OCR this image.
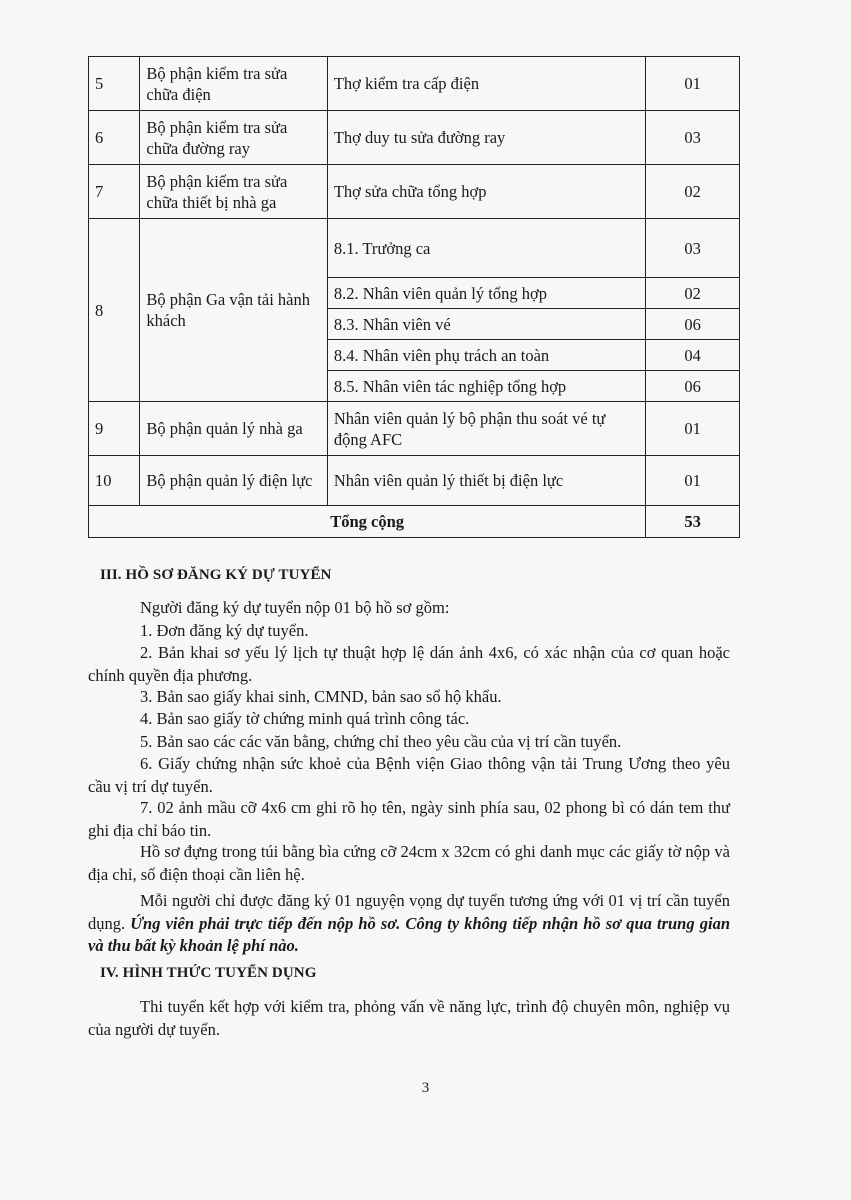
5	Bộ phận kiểm tra sửa chữa điện	Thợ kiểm tra cấp điện	01
6	Bộ phận kiểm tra sửa chữa đường ray	Thợ duy tu sửa đường ray	03
7	Bộ phận kiểm tra sửa chữa thiết bị nhà ga	Thợ sửa chữa tổng hợp	02
8	Bộ phận Ga vận tải hành khách	8.1. Trưởng ca	03
		8.2. Nhân viên quản lý tổng hợp	02
		8.3. Nhân viên vé	06
		8.4. Nhân viên phụ trách an toàn	04
		8.5. Nhân viên tác nghiệp tổng hợp	06
9	Bộ phận quản lý nhà ga	Nhân viên quản lý bộ phận thu soát vé tự động AFC	01
10	Bộ phận quản lý điện lực	Nhân viên quản lý thiết bị điện lực	01
Tổng cộng			53
III. HỒ SƠ ĐĂNG KÝ DỰ TUYỂN
Người đăng ký dự tuyển nộp 01 bộ hồ sơ gồm:
1. Đơn đăng ký dự tuyển.
2. Bản khai sơ yếu lý lịch tự thuật hợp lệ dán ảnh 4x6, có xác nhận của cơ quan hoặc chính quyền địa phương.
3. Bản sao giấy khai sinh, CMND, bản sao sổ hộ khẩu.
4. Bản sao giấy tờ chứng minh quá trình công tác.
5. Bản sao các các văn bằng, chứng chỉ theo yêu cầu của vị trí cần tuyển.
6. Giấy chứng nhận sức khoẻ của Bệnh viện Giao thông vận tải Trung Ương theo yêu cầu vị trí dự tuyển.
7. 02 ảnh mầu cỡ 4x6 cm ghi rõ họ tên, ngày sinh phía sau, 02 phong bì có dán tem thư ghi địa chỉ báo tin.
Hồ sơ đựng trong túi bằng bìa cứng cỡ 24cm x 32cm có ghi danh mục các giấy tờ nộp và địa chỉ, số điện thoại cần liên hệ.
Mỗi người chỉ được đăng ký 01 nguyện vọng dự tuyển tương ứng với 01 vị trí cần tuyển dụng. Ứng viên phải trực tiếp đến nộp hồ sơ. Công ty không tiếp nhận hồ sơ qua trung gian và thu bất kỳ khoản lệ phí nào.
IV. HÌNH THỨC TUYỂN DỤNG
Thi tuyển kết hợp với kiểm tra, phỏng vấn về năng lực, trình độ chuyên môn, nghiệp vụ của người dự tuyển.
3
